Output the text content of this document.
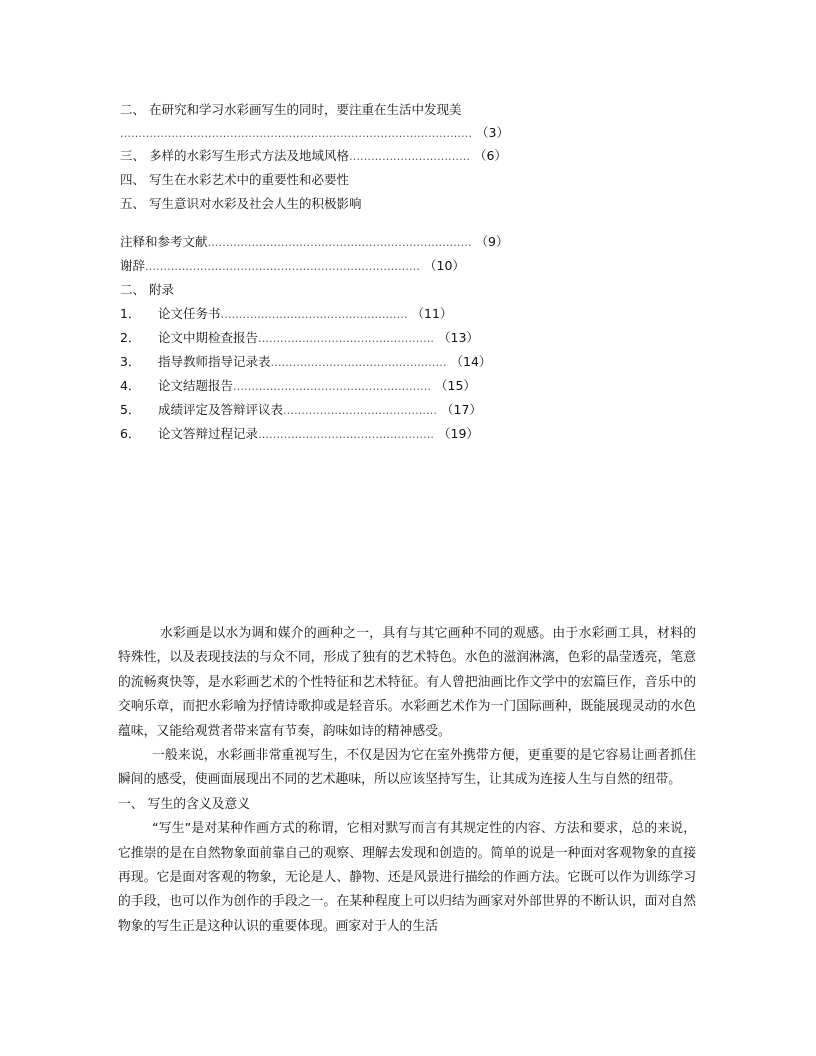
二、 在研究和学习水彩画写生的同时，要注重在生活中发现美
…………………………………………………………………………………… （3）
三、 多样的水彩写生形式方法及地域风格…………………………… （6）
四、 写生在水彩艺术中的重要性和必要性
五、 写生意识对水彩及社会人生的积极影响
注释和参考文献……………………………………………………………… （9）
谢辞………………………………………………………………… （10）
二、 附录
1． 论文任务书…………………………………………… （11）
2． 论文中期检查报告………………………………………… （13）
3． 指导教师指导记录表………………………………………… （14）
4． 论文结题报告……………………………………………… （15）
5． 成绩评定及答辩评议表…………………………………… （17）
6． 论文答辩过程记录………………………………………… （19）

水彩画是以水为调和媒介的画种之一，具有与其它画种不同的观感。由于水彩画工具，材料的特殊性，以及表现技法的与众不同，形成了独有的艺术特色。水色的滋润淋漓，色彩的晶莹透亮，笔意的流畅爽快等，是水彩画艺术的个性特征和艺术特征。有人曾把油画比作文学中的宏篇巨作，音乐中的交响乐章，而把水彩喻为抒情诗歌抑或是轻音乐。水彩画艺术作为一门国际画种，既能展现灵动的水色蕴味，又能给观赏者带来富有节奏，韵味如诗的精神感受。

一般来说，水彩画非常重视写生，不仅是因为它在室外携带方便，更重要的是它容易让画者抓住瞬间的感受，使画面展现出不同的艺术趣味，所以应该坚持写生，让其成为连接人生与自然的纽带。

一、 写生的含义及意义

“写生”是对某种作画方式的称谓，它相对默写而言有其规定性的内容、方法和要求，总的来说，它推崇的是在自然物象面前靠自己的观察、理解去发现和创造的。简单的说是一种面对客观物象的直接再现。它是面对客观的物象，无论是人、静物、还是风景进行描绘的作画方法。它既可以作为训练学习的手段，也可以作为创作的手段之一。在某种程度上可以归结为画家对外部世界的不断认识，面对自然物象的写生正是这种认识的重要体现。画家对于人的生活
